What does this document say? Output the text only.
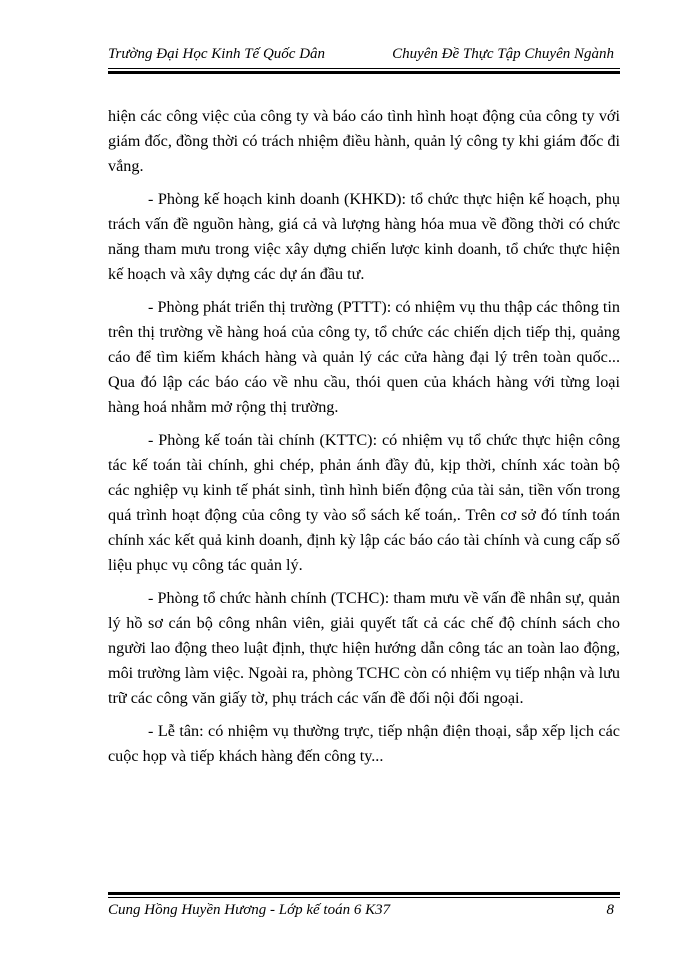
Trường Đại Học Kinh Tế Quốc Dân	Chuyên Đề Thực Tập Chuyên Ngành

hiện các công việc của công ty và báo cáo tình hình hoạt động của công ty với giám đốc, đồng thời có trách nhiệm điều hành, quản lý công ty khi giám đốc đi vắng.

- Phòng kế hoạch kinh doanh (KHKD): tổ chức thực hiện kế hoạch, phụ trách vấn đề nguồn hàng, giá cả và lượng hàng hóa mua về đồng thời có chức năng tham mưu trong việc xây dựng chiến lược kinh doanh, tổ chức thực hiện kế hoạch và xây dựng các dự án đầu tư.

- Phòng phát triển thị trường (PTTT): có nhiệm vụ thu thập các thông tin trên thị trường về hàng hoá của công ty, tổ chức các chiến dịch tiếp thị, quảng cáo để tìm kiếm khách hàng và quản lý các cửa hàng đại lý trên toàn quốc... Qua đó lập các báo cáo về nhu cầu, thói quen của khách hàng với từng loại hàng hoá nhằm mở rộng thị trường.

- Phòng kế toán tài chính (KTTC): có nhiệm vụ tổ chức thực hiện công tác kế toán tài chính, ghi chép, phản ánh đầy đủ, kịp thời, chính xác toàn bộ các nghiệp vụ kinh tế phát sinh, tình hình biến động của tài sản, tiền vốn trong quá trình hoạt động của công ty vào sổ sách kế toán,. Trên cơ sở đó tính toán chính xác kết quả kinh doanh, định kỳ lập các báo cáo tài chính và cung cấp số liệu phục vụ công tác quản lý.

- Phòng tổ chức hành chính (TCHC): tham mưu về vấn đề nhân sự, quản lý hồ sơ cán bộ công nhân viên, giải quyết tất cả các chế độ chính sách cho người lao động theo luật định, thực hiện hướng dẫn công tác an toàn lao động, môi trường làm việc. Ngoài ra, phòng TCHC còn có nhiệm vụ tiếp nhận và lưu trữ các công văn giấy tờ, phụ trách các vấn đề đối nội đối ngoại.

- Lễ tân: có nhiệm vụ thường trực, tiếp nhận điện thoại, sắp xếp lịch các cuộc họp và tiếp khách hàng đến công ty...

Cung Hồng Huyền Hương - Lớp kế toán 6 K37	8
